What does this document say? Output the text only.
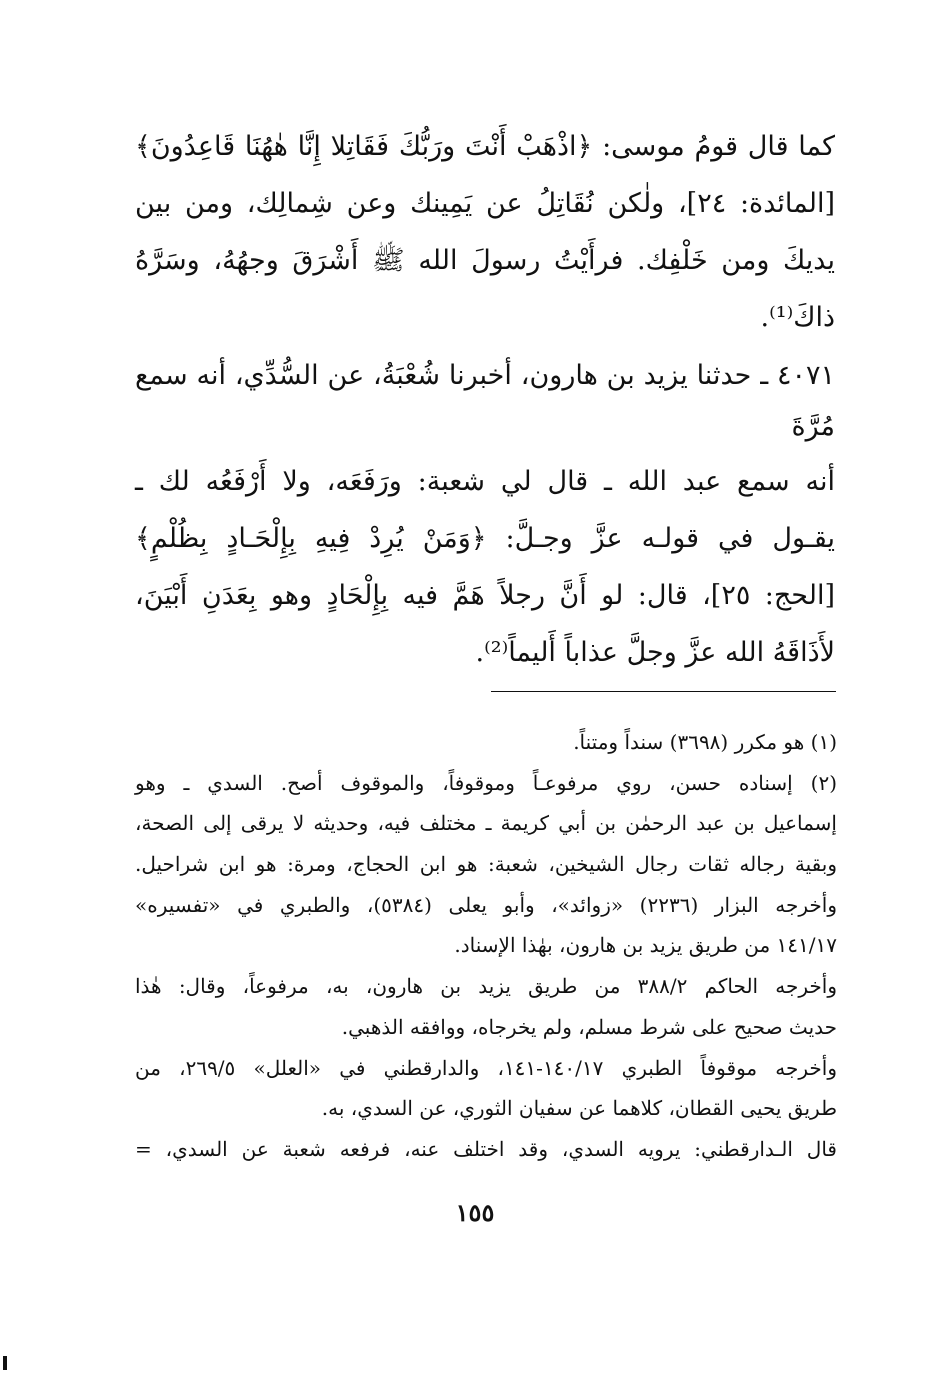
كما قال قومُ موسى: ﴿اذْهَبْ أَنْتَ ورَبُّكَ فَقَاتِلا إِنَّا هٰهُنَا قَاعِدُونَ﴾
[المائدة: ٢٤]، ولٰكن نُقَاتِلُ عن يَمِينك وعن شِمالِك، ومن بين
يديكَ ومن خَلْفِك. فرأَيْتُ رسولَ الله ﷺ أَشْرَقَ وجهُهُ، وسَرَّهُ
ذاكَ⁽¹⁾.
٤٠٧١ ـ حدثنا يزيد بن هارون، أخبرنا شُعْبَةُ، عن السُّدِّي، أنه سمع
مُرَّةَ
أنه سمع عبد الله ـ قال لي شعبة: ورَفَعَه، ولا أَرْفَعُه لك ـ
يقـول في قولـه عزَّ وجـلَّ: ﴿وَمَنْ يُرِدْ فِيهِ بِإِلْحَـادٍ بِظُلْمٍ﴾
[الحج: ٢٥]، قال: لو أَنَّ رجلاً هَمَّ فيه بِإِلْحَادٍ وهو بِعَدَنِ أَبْيَنَ،
لأَذَاقَهُ الله عزَّ وجلَّ عذاباً أَليماً⁽²⁾.
(١) هو مكرر (٣٦٩٨) سنداً ومتناً.
(٢) إسناده حسن، روي مرفوعـاً وموقوفاً، والموقوف أصح. السدي ـ وهو
إسماعيل بن عبد الرحمٰن بن أبي كريمة ـ مختلف فيه، وحديثه لا يرقى إلى الصحة،
وبقية رجاله ثقات رجال الشيخين، شعبة: هو ابن الحجاج، ومرة: هو ابن شراحيل.
وأخرجه البزار (٢٢٣٦) «زوائد»، وأبو يعلى (٥٣٨٤)، والطبري في «تفسيره»
١٤١/١٧ من طريق يزيد بن هارون، بهٰذا الإسناد.
وأخرجه الحاكم ٣٨٨/٢ من طريق يزيد بن هارون، به، مرفوعاً، وقال: هٰذا
حديث صحيح على شرط مسلم، ولم يخرجاه، ووافقه الذهبي.
وأخرجه موقوفاً الطبري ١٤٠/١٧-١٤١، والدارقطني في «العلل» ٢٦٩/٥، من
طريق يحيى القطان، كلاهما عن سفيان الثوري، عن السدي، به.
قال الـدارقطني: يرويه السدي، وقد اختلف عنه، فرفعه شعبة عن السدي، =
١٥٥
